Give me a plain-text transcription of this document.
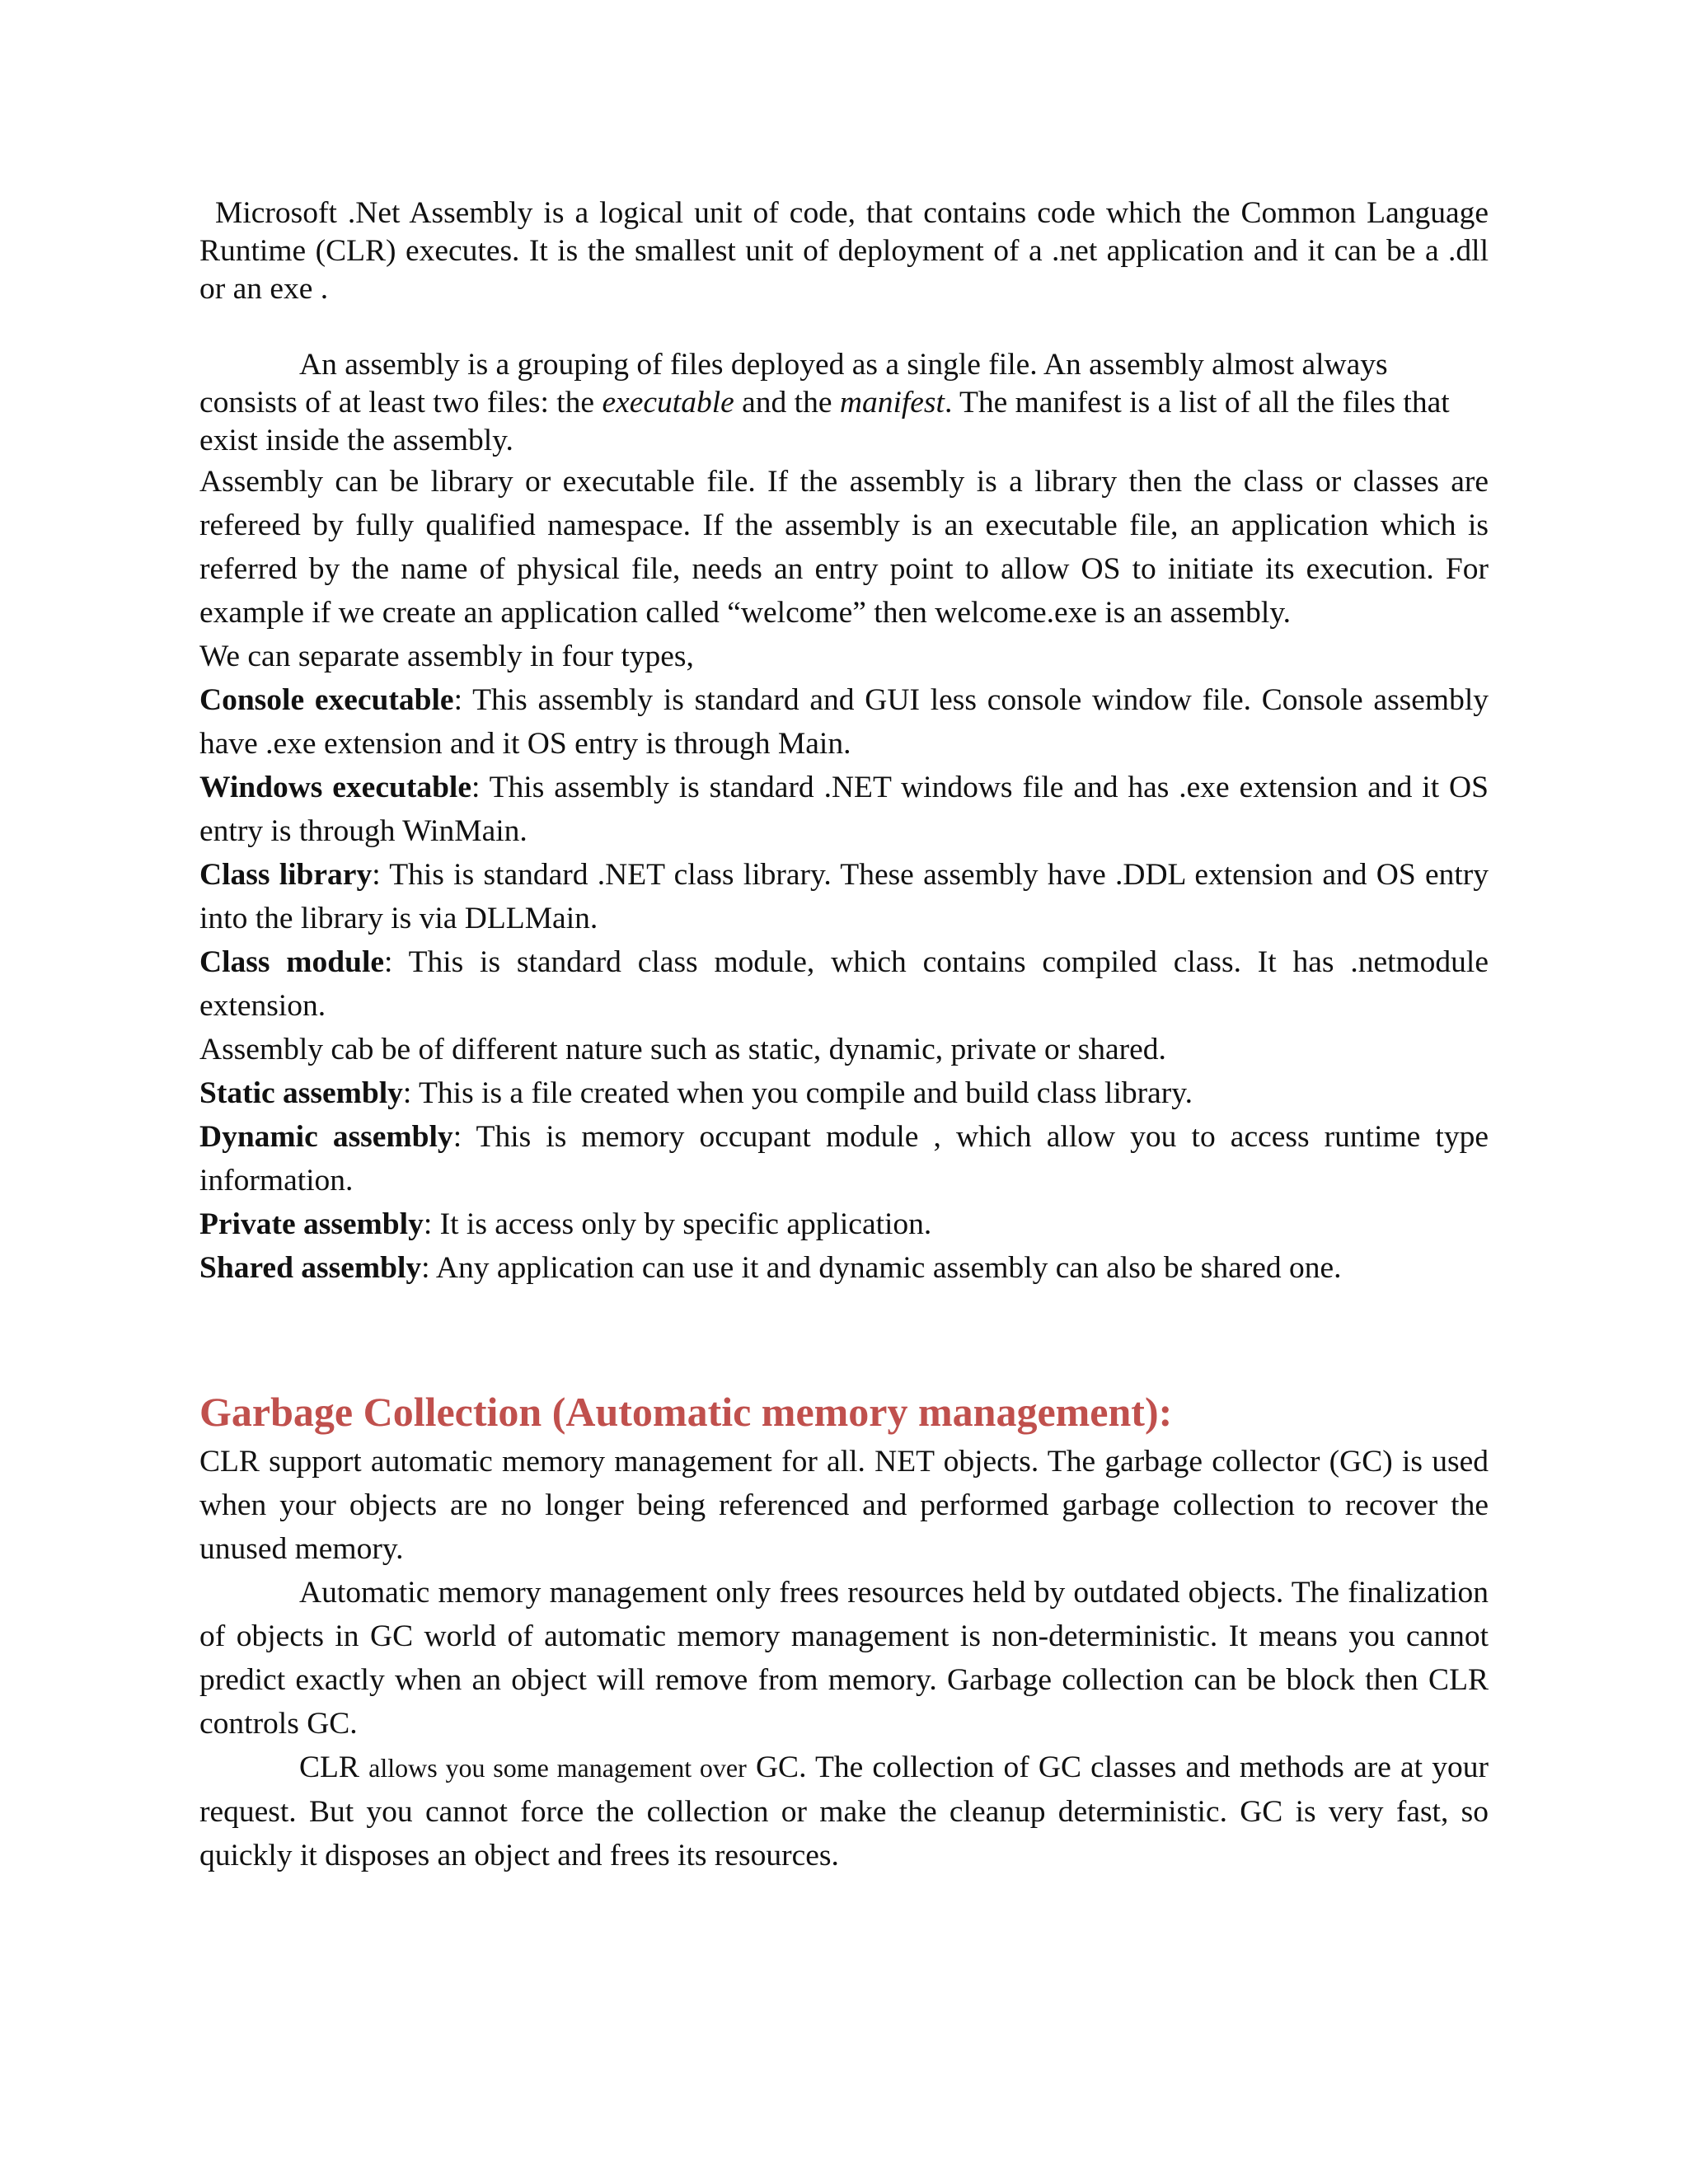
Microsoft .Net Assembly is a logical unit of code, that contains code which the Common Language Runtime (CLR) executes. It is the smallest unit of deployment of a .net application and it can be a .dll or an exe .

An assembly is a grouping of files deployed as a single file. An assembly almost always consists of at least two files: the executable and the manifest. The manifest is a list of all the files that exist inside the assembly.

Assembly can be library or executable file. If the assembly is a library then the class or classes are refereed by fully qualified namespace. If the assembly is an executable file, an application which is referred by the name of physical file, needs an entry point to allow OS to initiate its execution. For example if we create an application called “welcome” then welcome.exe is an assembly.

We can separate assembly in four types,

Console executable: This assembly is standard and GUI less console window file. Console assembly have .exe extension and it OS entry is through Main.

Windows executable: This assembly is standard .NET windows file and has .exe extension and it OS entry is through WinMain.

Class library: This is standard .NET class library. These assembly have .DDL extension and OS entry into the library is via DLLMain.

Class module: This is standard class module, which contains compiled class. It has .netmodule extension.

Assembly cab be of different nature such as static, dynamic, private or shared.

Static assembly: This is a file created when you compile and build class library.

Dynamic assembly: This is memory occupant module , which allow you to access runtime type information.

Private assembly: It is access only by specific application.

Shared assembly: Any application can use it and dynamic assembly can also be shared one.

Garbage Collection (Automatic memory management):

CLR support automatic memory management for all. NET objects. The garbage collector (GC) is used when your objects are no longer being referenced and performed garbage collection to recover the unused memory.

Automatic memory management only frees resources held by outdated objects. The finalization of objects in GC world of automatic memory management is non-deterministic. It means you cannot predict exactly when an object will remove from memory. Garbage collection can be block then CLR controls GC.

CLR allows you some management over GC. The collection of GC classes and methods are at your request. But you cannot force the collection or make the cleanup deterministic. GC is very fast, so quickly it disposes an object and frees its resources.
